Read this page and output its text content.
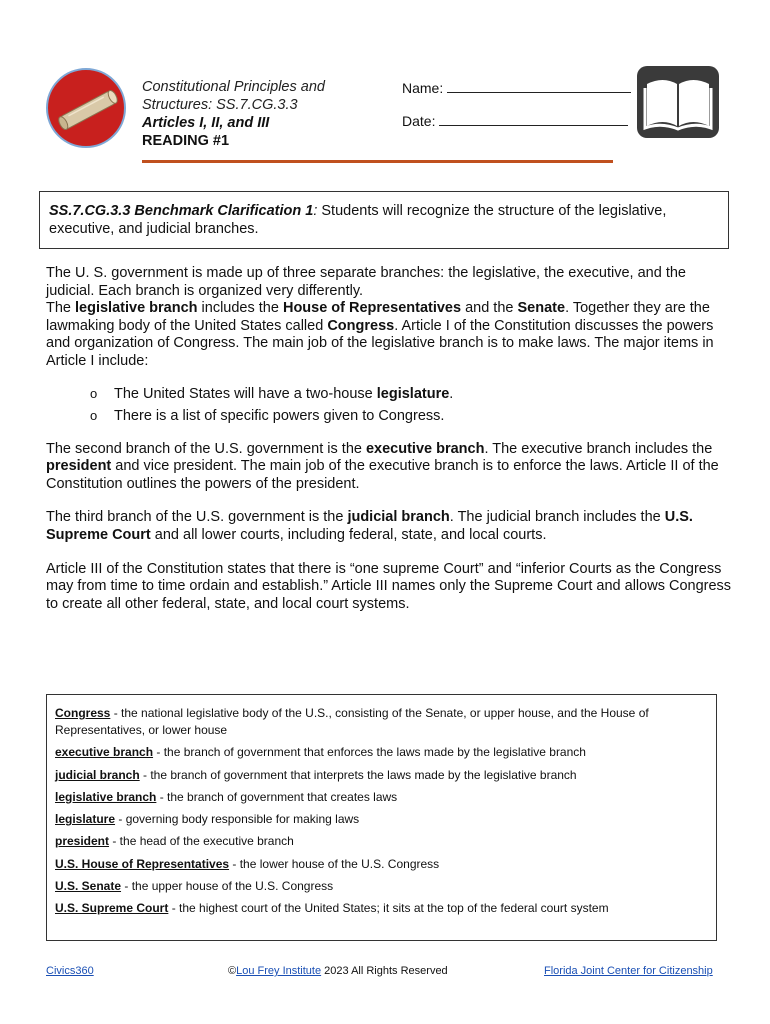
Constitutional Principles and
Structures: SS.7.CG.3.3
Articles I, II, and III
READING #1
Name:
Date:
SS.7.CG.3.3 Benchmark Clarification 1: Students will recognize the structure of the legislative, executive, and judicial branches.

The U. S. government is made up of three separate branches: the legislative, the executive, and the judicial. Each branch is organized very differently.

The legislative branch includes the House of Representatives and the Senate. Together they are the lawmaking body of the United States called Congress. Article I of the Constitution discusses the powers and organization of Congress. The main job of the legislative branch is to make laws. The major items in Article I include:

o The United States will have a two-house legislature.
o There is a list of specific powers given to Congress.

The second branch of the U.S. government is the executive branch. The executive branch includes the president and vice president. The main job of the executive branch is to enforce the laws. Article II of the Constitution outlines the powers of the president.

The third branch of the U.S. government is the judicial branch. The judicial branch includes the U.S. Supreme Court and all lower courts, including federal, state, and local courts.

Article III of the Constitution states that there is “one supreme Court” and “inferior Courts as the Congress may from time to time ordain and establish.” Article III names only the Supreme Court and allows Congress to create all other federal, state, and local court systems.

Congress - the national legislative body of the U.S., consisting of the Senate, or upper house, and the House of Representatives, or lower house
executive branch - the branch of government that enforces the laws made by the legislative branch
judicial branch - the branch of government that interprets the laws made by the legislative branch
legislative branch - the branch of government that creates laws
legislature - governing body responsible for making laws
president - the head of the executive branch
U.S. House of Representatives - the lower house of the U.S. Congress
U.S. Senate - the upper house of the U.S. Congress
U.S. Supreme Court - the highest court of the United States; it sits at the top of the federal court system
Civics360	©Lou Frey Institute 2023 All Rights Reserved	Florida Joint Center for Citizenship
